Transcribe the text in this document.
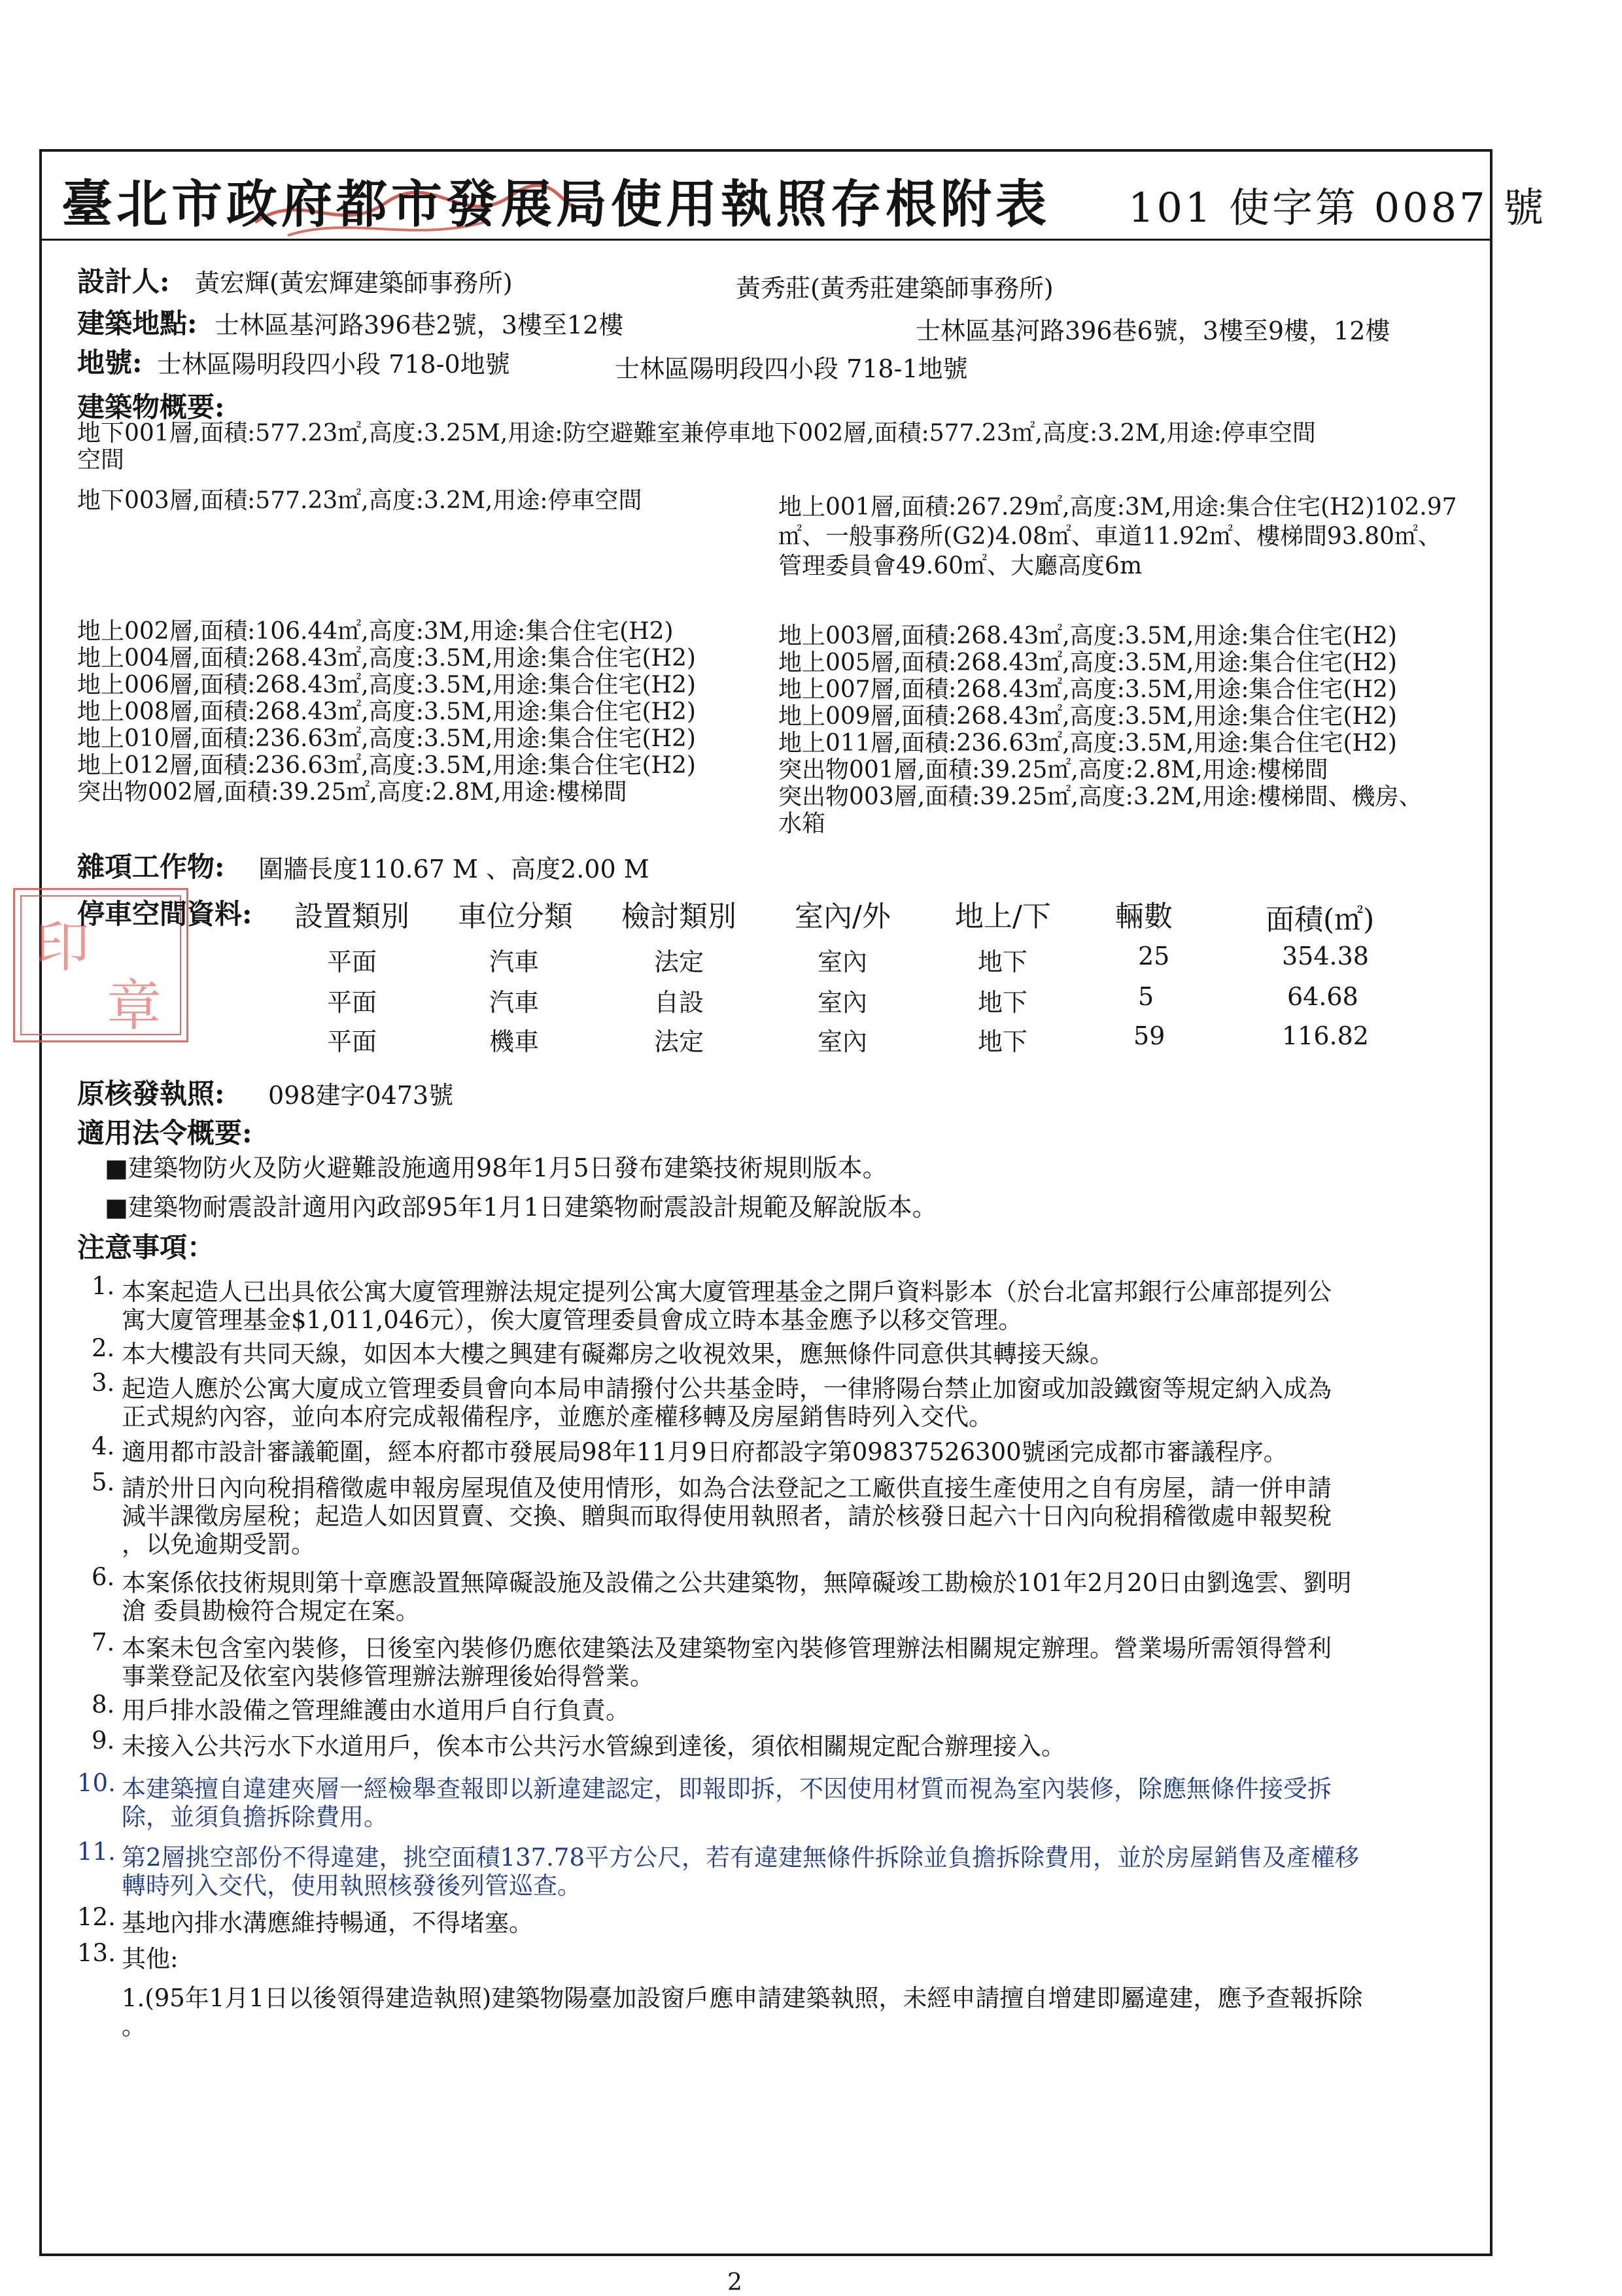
印
章
臺北市政府都市發展局使用執照存根附表 101 使字第 0087 號
設計人: 黃宏輝(黃宏輝建築師事務所)	黃秀莊(黃秀莊建築師事務所)
建築地點: 士林區基河路396巷2號，3樓至12樓	士林區基河路396巷6號，3樓至9樓，12樓
地號: 士林區陽明段四小段 718-0地號	士林區陽明段四小段 718-1地號
建築物概要:
地下001層,面積:577.23㎡,高度:3.25M,用途:防空避難室兼停車地下002層,面積:577.23㎡,高度:3.2M,用途:停車空間
空間
地下003層,面積:577.23㎡,高度:3.2M,用途:停車空間	地上001層,面積:267.29㎡,高度:3M,用途:集合住宅(H2)102.97
㎡、一般事務所(G2)4.08㎡、車道11.92㎡、樓梯間93.80㎡、
管理委員會49.60㎡、大廳高度6m
地上002層,面積:106.44㎡,高度:3M,用途:集合住宅(H2)
地上004層,面積:268.43㎡,高度:3.5M,用途:集合住宅(H2)
地上006層,面積:268.43㎡,高度:3.5M,用途:集合住宅(H2)
地上008層,面積:268.43㎡,高度:3.5M,用途:集合住宅(H2)
地上010層,面積:236.63㎡,高度:3.5M,用途:集合住宅(H2)
地上012層,面積:236.63㎡,高度:3.5M,用途:集合住宅(H2)
突出物002層,面積:39.25㎡,高度:2.8M,用途:樓梯間
地上003層,面積:268.43㎡,高度:3.5M,用途:集合住宅(H2)
地上005層,面積:268.43㎡,高度:3.5M,用途:集合住宅(H2)
地上007層,面積:268.43㎡,高度:3.5M,用途:集合住宅(H2)
地上009層,面積:268.43㎡,高度:3.5M,用途:集合住宅(H2)
地上011層,面積:236.63㎡,高度:3.5M,用途:集合住宅(H2)
突出物001層,面積:39.25㎡,高度:2.8M,用途:樓梯間
突出物003層,面積:39.25㎡,高度:3.2M,用途:樓梯間、機房、
水箱
雜項工作物: 圍牆長度110.67 M 、高度2.00 M
停車空間資料: 設置類別 車位分類 檢討類別 室內/外 地上/下 輛數	面積(㎡)
平面	汽車	法定	室內	地下	25	354.38
平面	汽車	自設	室內	地下	5	64.68
平面	機車	法定	室內	地下	59	116.82
原核發執照: 098建字0473號
適用法令概要:
■建築物防火及防火避難設施適用98年1月5日發布建築技術規則版本。
■建築物耐震設計適用內政部95年1月1日建築物耐震設計規範及解說版本。
注意事項：
1. 本案起造人已出具依公寓大廈管理辦法規定提列公寓大廈管理基金之開戶資料影本（於台北富邦銀行公庫部提列公
寓大廈管理基金$1,011,046元），俟大廈管理委員會成立時本基金應予以移交管理。
2. 本大樓設有共同天線，如因本大樓之興建有礙鄰房之收視效果，應無條件同意供其轉接天線。
3. 起造人應於公寓大廈成立管理委員會向本局申請撥付公共基金時，一律將陽台禁止加窗或加設鐵窗等規定納入成為
正式規約內容，並向本府完成報備程序，並應於產權移轉及房屋銷售時列入交代。
4. 適用都市設計審議範圍，經本府都市發展局98年11月9日府都設字第09837526300號函完成都市審議程序。
5. 請於卅日內向稅捐稽徵處申報房屋現值及使用情形，如為合法登記之工廠供直接生產使用之自有房屋，請一併申請
減半課徵房屋稅；起造人如因買賣、交換、贈與而取得使用執照者，請於核發日起六十日內向稅捐稽徵處申報契稅
，以免逾期受罰。
6. 本案係依技術規則第十章應設置無障礙設施及設備之公共建築物，無障礙竣工勘檢於101年2月20日由劉逸雲、劉明
滄 委員勘檢符合規定在案。
7. 本案未包含室內裝修，日後室內裝修仍應依建築法及建築物室內裝修管理辦法相關規定辦理。營業場所需領得營利
事業登記及依室內裝修管理辦法辦理後始得營業。
8. 用戶排水設備之管理維護由水道用戶自行負責。
9. 未接入公共污水下水道用戶，俟本市公共污水管線到達後，須依相關規定配合辦理接入。
10. 本建築擅自違建夾層一經檢舉查報即以新違建認定，即報即拆，不因使用材質而視為室內裝修，除應無條件接受拆
除，並須負擔拆除費用。
11. 第2層挑空部份不得違建，挑空面積137.78平方公尺，若有違建無條件拆除並負擔拆除費用，並於房屋銷售及產權移
轉時列入交代，使用執照核發後列管巡查。
12. 基地內排水溝應維持暢通，不得堵塞。
13. 其他:
1.(95年1月1日以後領得建造執照)建築物陽臺加設窗戶應申請建築執照，未經申請擅自增建即屬違建，應予查報拆除
。
2
